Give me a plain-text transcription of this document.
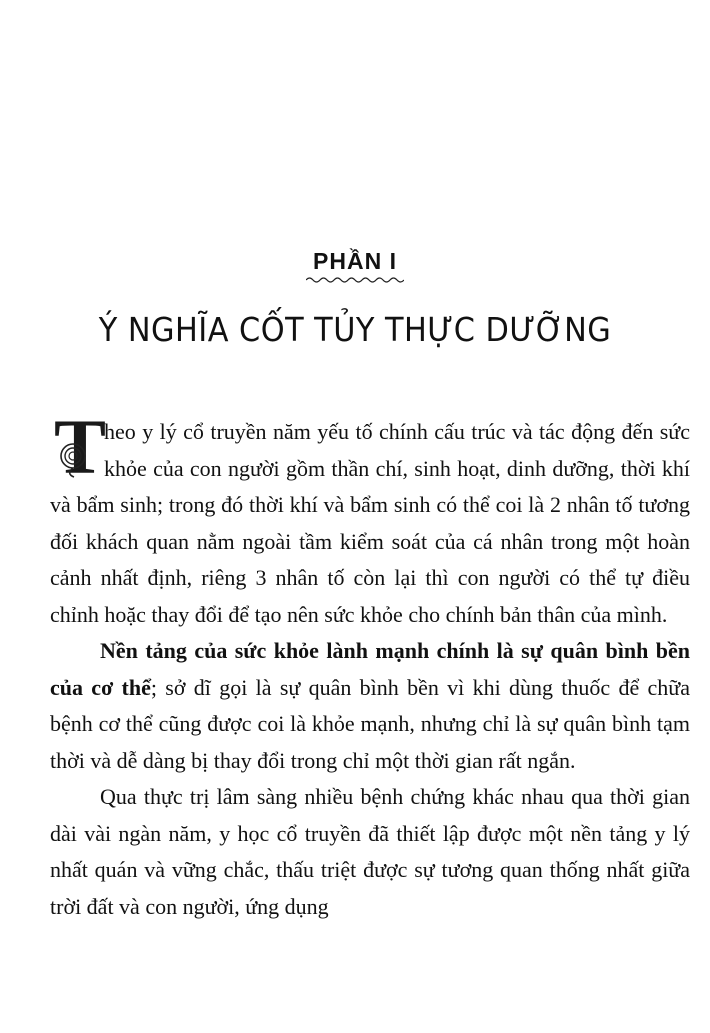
PHẦN I
Ý NGHĨA CỐT TỦY THỰC DƯỠNG

T
heo y lý cổ truyền năm yếu tố chính cấu trúc và tác động đến sức khỏe của con người gồm thần chí, sinh hoạt, dinh dưỡng, thời khí và bẩm sinh; trong đó thời khí và bẩm sinh có thể coi là 2 nhân tố tương đối khách quan nằm ngoài tầm kiểm soát của cá nhân trong một hoàn cảnh nhất định, riêng 3 nhân tố còn lại thì con người có thể tự điều chỉnh hoặc thay đổi để tạo nên sức khỏe cho chính bản thân của mình.

Nền tảng của sức khỏe lành mạnh chính là sự quân bình bền của cơ thể; sở dĩ gọi là sự quân bình bền vì khi dùng thuốc để chữa bệnh cơ thể cũng được coi là khỏe mạnh, nhưng chỉ là sự quân bình tạm thời và dễ dàng bị thay đổi trong chỉ một thời gian rất ngắn.

Qua thực trị lâm sàng nhiều bệnh chứng khác nhau qua thời gian dài vài ngàn năm, y học cổ truyền đã thiết lập được một nền tảng y lý nhất quán và vững chắc, thấu triệt được sự tương quan thống nhất giữa trời đất và con người, ứng dụng
